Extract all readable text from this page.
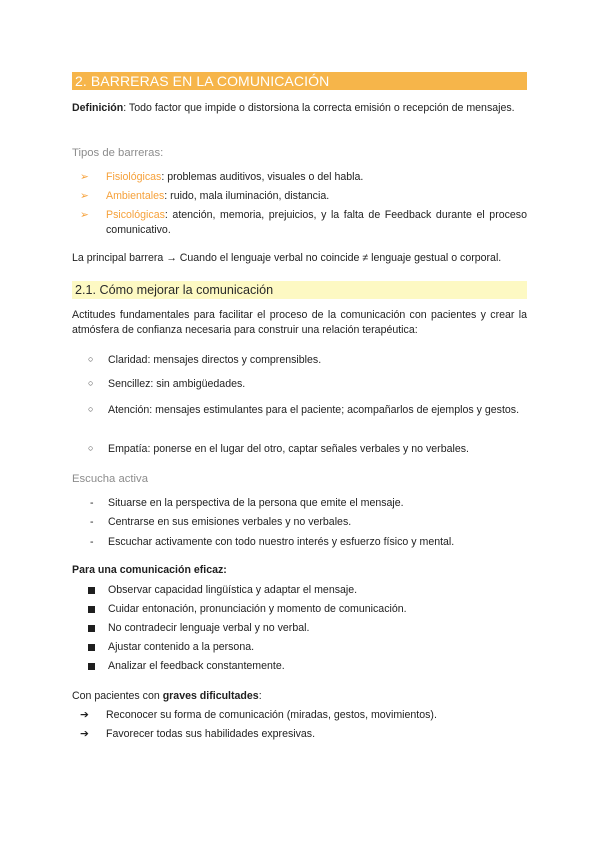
2. BARRERAS EN LA COMUNICACIÓN
Definición: Todo factor que impide o distorsiona la correcta emisión o recepción de mensajes.
Tipos de barreras:
➢	Fisiológicas: problemas auditivos, visuales o del habla.
➢	Ambientales: ruido, mala iluminación, distancia.
➢	Psicológicas: atención, memoria, prejuicios, y la falta de Feedback durante el proceso comunicativo.
La principal barrera → Cuando el lenguaje verbal no coincide ≠ lenguaje gestual o corporal.
2.1. Cómo mejorar la comunicación
Actitudes fundamentales para facilitar el proceso de la comunicación con pacientes y crear la atmósfera de confianza necesaria para construir una relación terapéutica:
○	Claridad: mensajes directos y comprensibles.
○	Sencillez: sin ambigüedades.
○	Atención: mensajes estimulantes para el paciente; acompañarlos de ejemplos y gestos.
○	Empatía: ponerse en el lugar del otro, captar señales verbales y no verbales.
Escucha activa
-	Situarse en la perspectiva de la persona que emite el mensaje.
-	Centrarse en sus emisiones verbales y no verbales.
-	Escuchar activamente con todo nuestro interés y esfuerzo físico y mental.
Para una comunicación eficaz:
Observar capacidad lingüística y adaptar el mensaje.
Cuidar entonación, pronunciación y momento de comunicación.
No contradecir lenguaje verbal y no verbal.
Ajustar contenido a la persona.
Analizar el feedback constantemente.
Con pacientes con graves dificultades:
➔	Reconocer su forma de comunicación (miradas, gestos, movimientos).
➔	Favorecer todas sus habilidades expresivas.
